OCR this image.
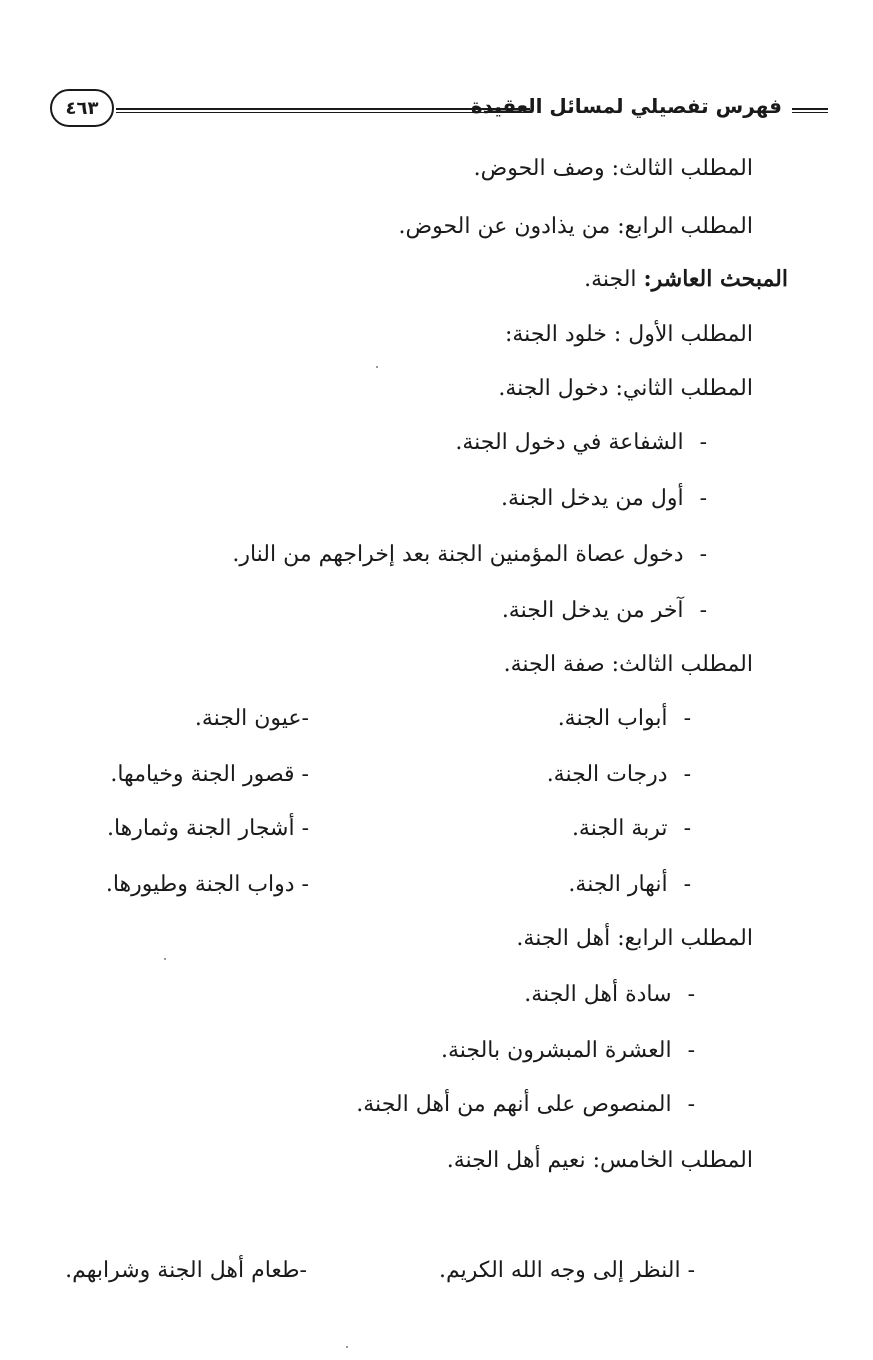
فهرس تفصيلي لمسائل العقيدة
٤٦٣
المطلب الثالث: وصف الحوض.
المطلب الرابع: من يذادون عن الحوض.
المبحث العاشر: الجنة.
المطلب الأول : خلود الجنة:
المطلب الثاني: دخول الجنة.
-الشفاعة في دخول الجنة.
-أول من يدخل الجنة.
-دخول عصاة المؤمنين الجنة بعد إخراجهم من النار.
-آخر من يدخل الجنة.
المطلب الثالث: صفة الجنة.
-أبواب الجنة.
-عيون الجنة.
-درجات الجنة.
- قصور الجنة وخيامها.
-تربة الجنة.
- أشجار الجنة وثمارها.
-أنهار الجنة.
- دواب الجنة وطيورها.
المطلب الرابع: أهل الجنة.
-سادة أهل الجنة.
-العشرة المبشرون بالجنة.
-المنصوص على أنهم من أهل الجنة.
المطلب الخامس: نعيم أهل الجنة.
- النظر إلى وجه الله الكريم.
-طعام أهل الجنة وشرابهم.
